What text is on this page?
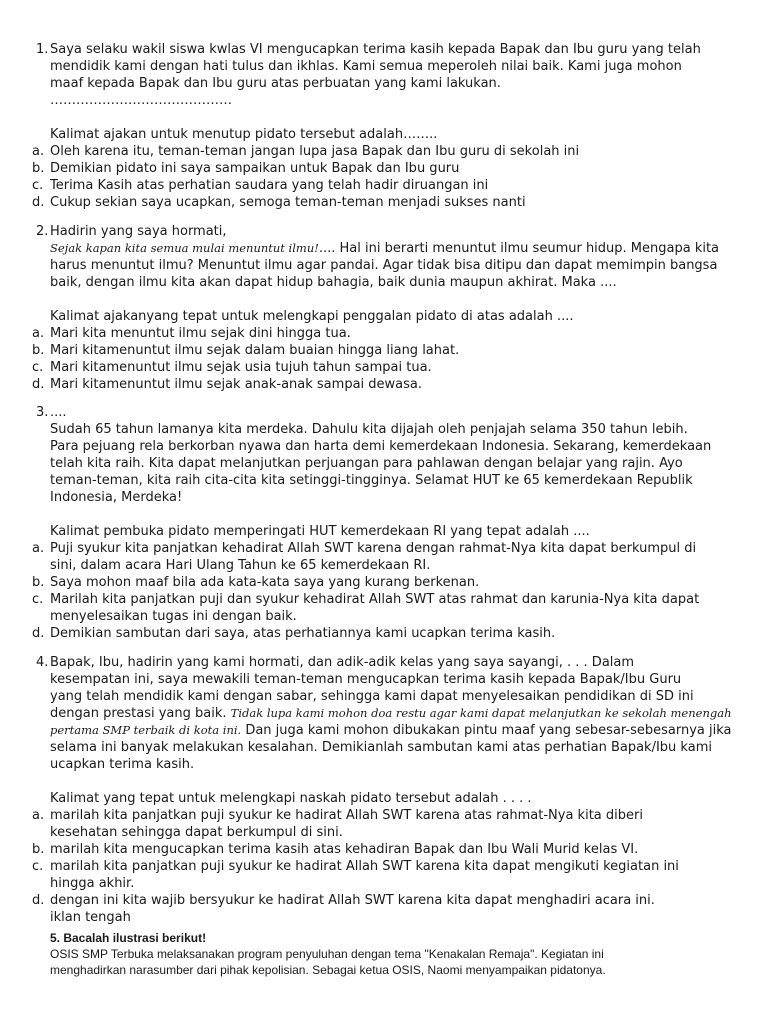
1. Saya selaku wakil siswa kwlas VI mengucapkan terima kasih kepada Bapak dan Ibu guru yang telah
mendidik kami dengan hati tulus dan ikhlas. Kami semua meperoleh nilai baik. Kami juga mohon
maaf kepada Bapak dan Ibu guru atas perbuatan yang kami lakukan.
……………………………………
Kalimat ajakan untuk menutup pidato tersebut adalah……..
a. Oleh karena itu, teman-teman jangan lupa jasa Bapak dan Ibu guru di sekolah ini
b. Demikian pidato ini saya sampaikan untuk Bapak dan Ibu guru
c. Terima Kasih atas perhatian saudara yang telah hadir diruangan ini
d. Cukup sekian saya ucapkan, semoga teman-teman menjadi sukses nanti
2. Hadirin yang saya hormati,
Sejak kapan kita semua mulai menuntut ilmu!.... Hal ini berarti menuntut ilmu seumur hidup. Mengapa kita
harus menuntut ilmu? Menuntut ilmu agar pandai. Agar tidak bisa ditipu dan dapat memimpin bangsa
baik, dengan ilmu kita akan dapat hidup bahagia, baik dunia maupun akhirat. Maka ....
Kalimat ajakanyang tepat untuk melengkapi penggalan pidato di atas adalah ....
a. Mari kita menuntut ilmu sejak dini hingga tua.
b. Mari kitamenuntut ilmu sejak dalam buaian hingga liang lahat.
c. Mari kitamenuntut ilmu sejak usia tujuh tahun sampai tua.
d. Mari kitamenuntut ilmu sejak anak-anak sampai dewasa.
3. ....
Sudah 65 tahun lamanya kita merdeka. Dahulu kita dijajah oleh penjajah selama 350 tahun lebih.
Para pejuang rela berkorban nyawa dan harta demi kemerdekaan Indonesia. Sekarang, kemerdekaan
telah kita raih. Kita dapat melanjutkan perjuangan para pahlawan dengan belajar yang rajin. Ayo
teman-teman, kita raih cita-cita kita setinggi-tingginya. Selamat HUT ke 65 kemerdekaan Republik
Indonesia, Merdeka!
Kalimat pembuka pidato memperingati HUT kemerdekaan RI yang tepat adalah ....
a. Puji syukur kita panjatkan kehadirat Allah SWT karena dengan rahmat-Nya kita dapat berkumpul di
sini, dalam acara Hari Ulang Tahun ke 65 kemerdekaan RI.
b. Saya mohon maaf bila ada kata-kata saya yang kurang berkenan.
c. Marilah kita panjatkan puji dan syukur kehadirat Allah SWT atas rahmat dan karunia-Nya kita dapat
menyelesaikan tugas ini dengan baik.
d. Demikian sambutan dari saya, atas perhatiannya kami ucapkan terima kasih.
4. Bapak, Ibu, hadirin yang kami hormati, dan adik-adik kelas yang saya sayangi, . . . Dalam
kesempatan ini, saya mewakili teman-teman mengucapkan terima kasih kepada Bapak/Ibu Guru
yang telah mendidik kami dengan sabar, sehingga kami dapat menyelesaikan pendidikan di SD ini
dengan prestasi yang baik. Tidak lupa kami mohon doa restu agar kami dapat melanjutkan ke sekolah menengah
pertama SMP terbaik di kota ini. Dan juga kami mohon dibukakan pintu maaf yang sebesar-sebesarnya jika
selama ini banyak melakukan kesalahan. Demikianlah sambutan kami atas perhatian Bapak/Ibu kami
ucapkan terima kasih.
Kalimat yang tepat untuk melengkapi naskah pidato tersebut adalah . . . .
a. marilah kita panjatkan puji syukur ke hadirat Allah SWT karena atas rahmat-Nya kita diberi
kesehatan sehingga dapat berkumpul di sini.
b. marilah kita mengucapkan terima kasih atas kehadiran Bapak dan Ibu Wali Murid kelas VI.
c. marilah kita panjatkan puji syukur ke hadirat Allah SWT karena kita dapat mengikuti kegiatan ini
hingga akhir.
d. dengan ini kita wajib bersyukur ke hadirat Allah SWT karena kita dapat menghadiri acara ini.
iklan tengah
5. Bacalah ilustrasi berikut!
OSIS SMP Terbuka melaksanakan program penyuluhan dengan tema "Kenakalan Remaja". Kegiatan ini
menghadirkan narasumber dari pihak kepolisian. Sebagai ketua OSIS, Naomi menyampaikan pidatonya.
